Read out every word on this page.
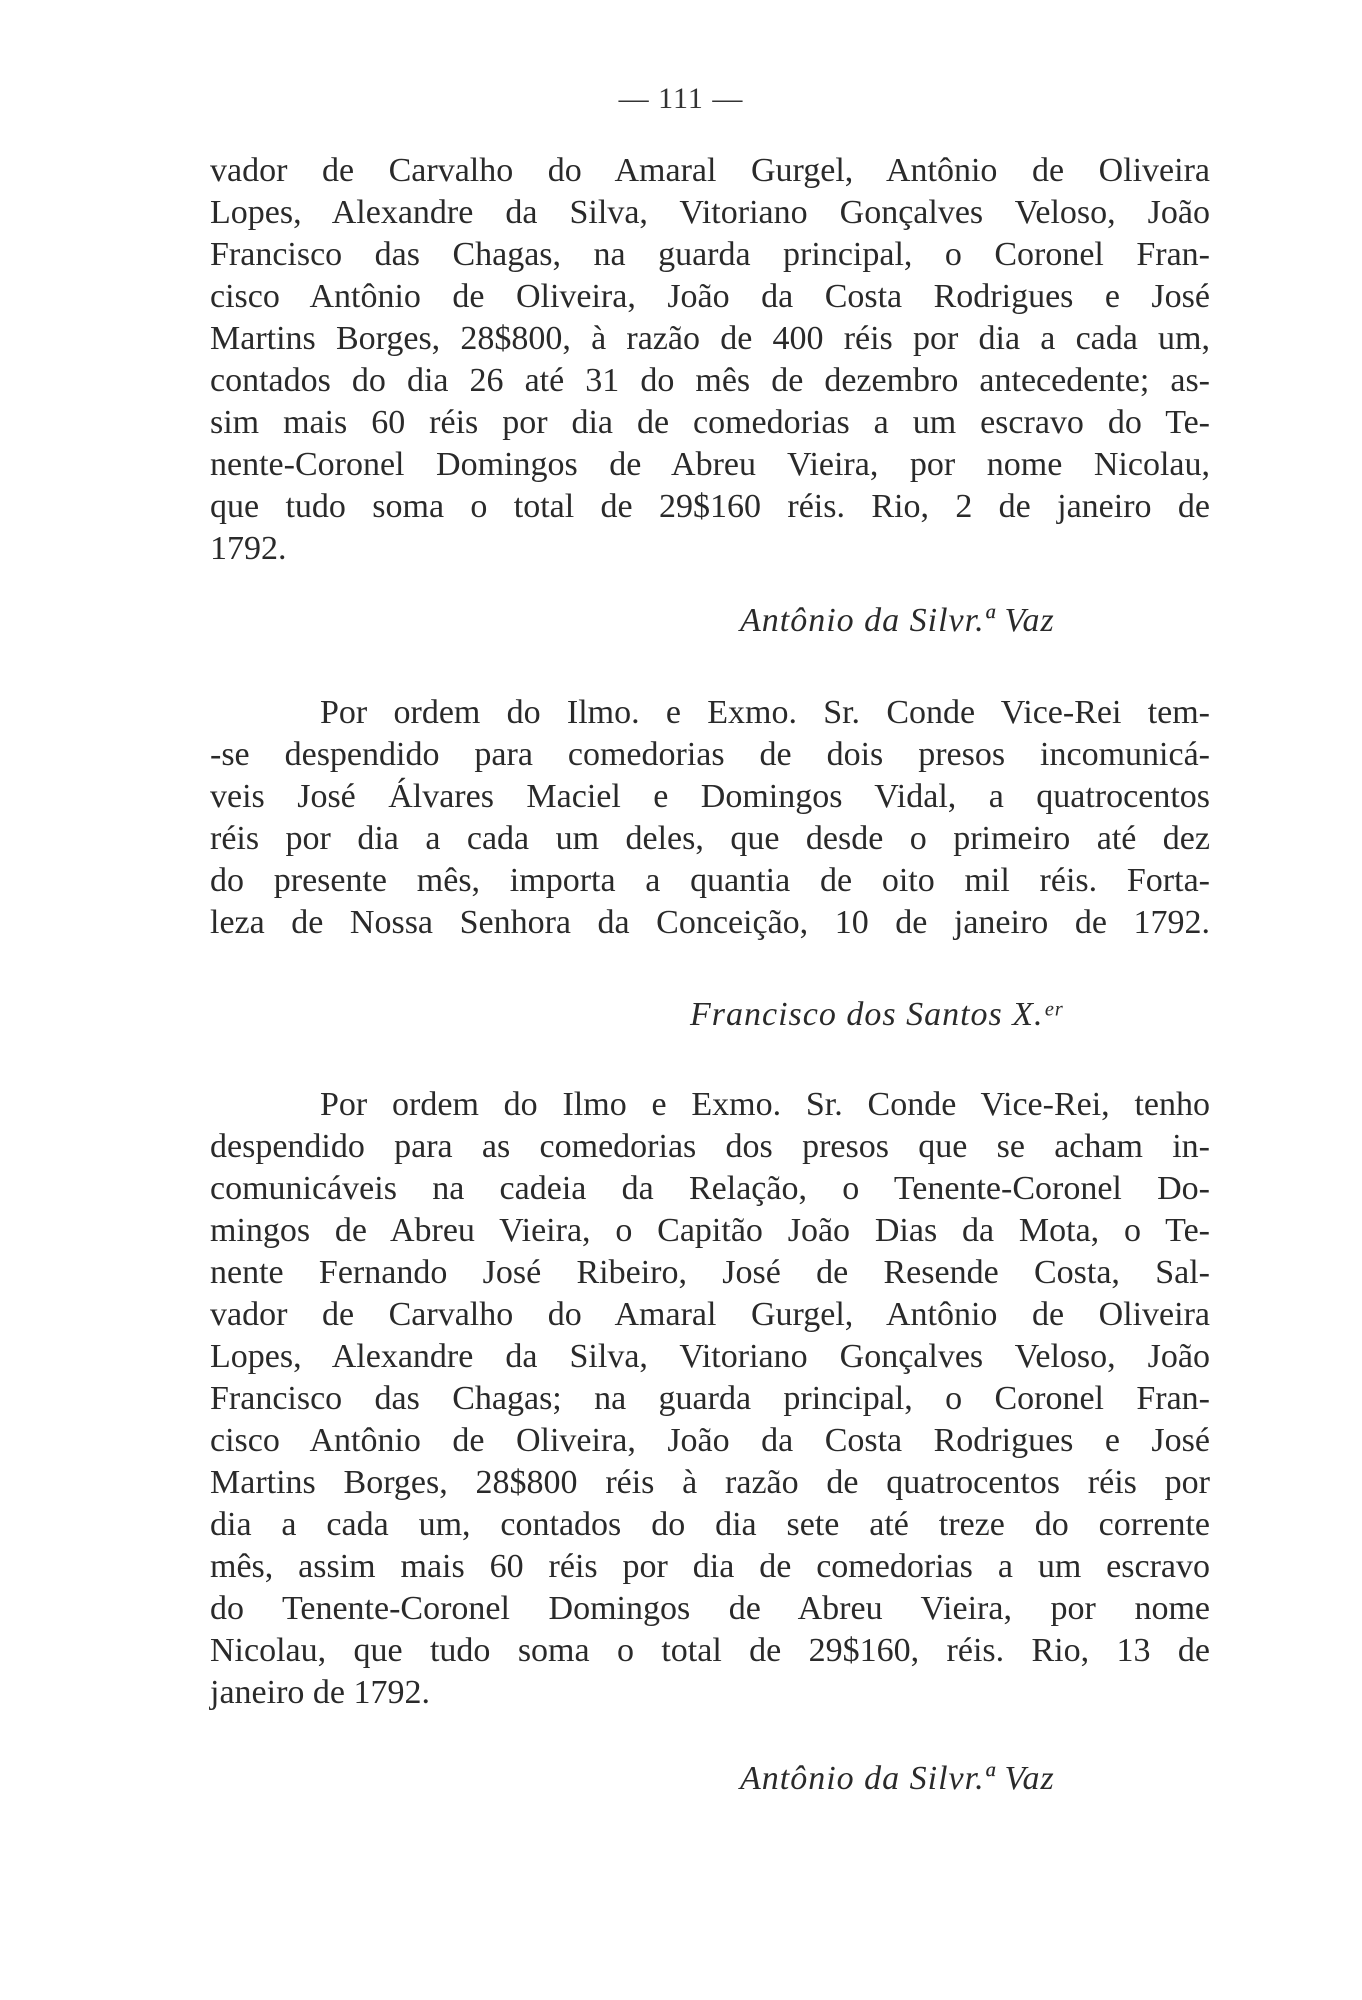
— 111 —
vador de Carvalho do Amaral Gurgel, Antônio de Oliveira
Lopes, Alexandre da Silva, Vitoriano Gonçalves Veloso, João
Francisco das Chagas, na guarda principal, o Coronel Fran-
cisco Antônio de Oliveira, João da Costa Rodrigues e José
Martins Borges, 28$800, à razão de 400 réis por dia a cada um,
contados do dia 26 até 31 do mês de dezembro antecedente; as-
sim mais 60 réis por dia de comedorias a um escravo do Te-
nente-Coronel Domingos de Abreu Vieira, por nome Nicolau,
que tudo soma o total de 29$160 réis. Rio, 2 de janeiro de
1792.
Antônio da Silvr.ª Vaz
Por ordem do Ilmo. e Exmo. Sr. Conde Vice-Rei tem-
-se despendido para comedorias de dois presos incomunicá-
veis José Álvares Maciel e Domingos Vidal, a quatrocentos
réis por dia a cada um deles, que desde o primeiro até dez
do presente mês, importa a quantia de oito mil réis. Forta-
leza de Nossa Senhora da Conceição, 10 de janeiro de 1792.
Francisco dos Santos X.ᵉʳ
Por ordem do Ilmo e Exmo. Sr. Conde Vice-Rei, tenho
despendido para as comedorias dos presos que se acham in-
comunicáveis na cadeia da Relação, o Tenente-Coronel Do-
mingos de Abreu Vieira, o Capitão João Dias da Mota, o Te-
nente Fernando José Ribeiro, José de Resende Costa, Sal-
vador de Carvalho do Amaral Gurgel, Antônio de Oliveira
Lopes, Alexandre da Silva, Vitoriano Gonçalves Veloso, João
Francisco das Chagas; na guarda principal, o Coronel Fran-
cisco Antônio de Oliveira, João da Costa Rodrigues e José
Martins Borges, 28$800 réis à razão de quatrocentos réis por
dia a cada um, contados do dia sete até treze do corrente
mês, assim mais 60 réis por dia de comedorias a um escravo
do Tenente-Coronel Domingos de Abreu Vieira, por nome
Nicolau, que tudo soma o total de 29$160, réis. Rio, 13 de
janeiro de 1792.
Antônio da Silvr.ª Vaz
